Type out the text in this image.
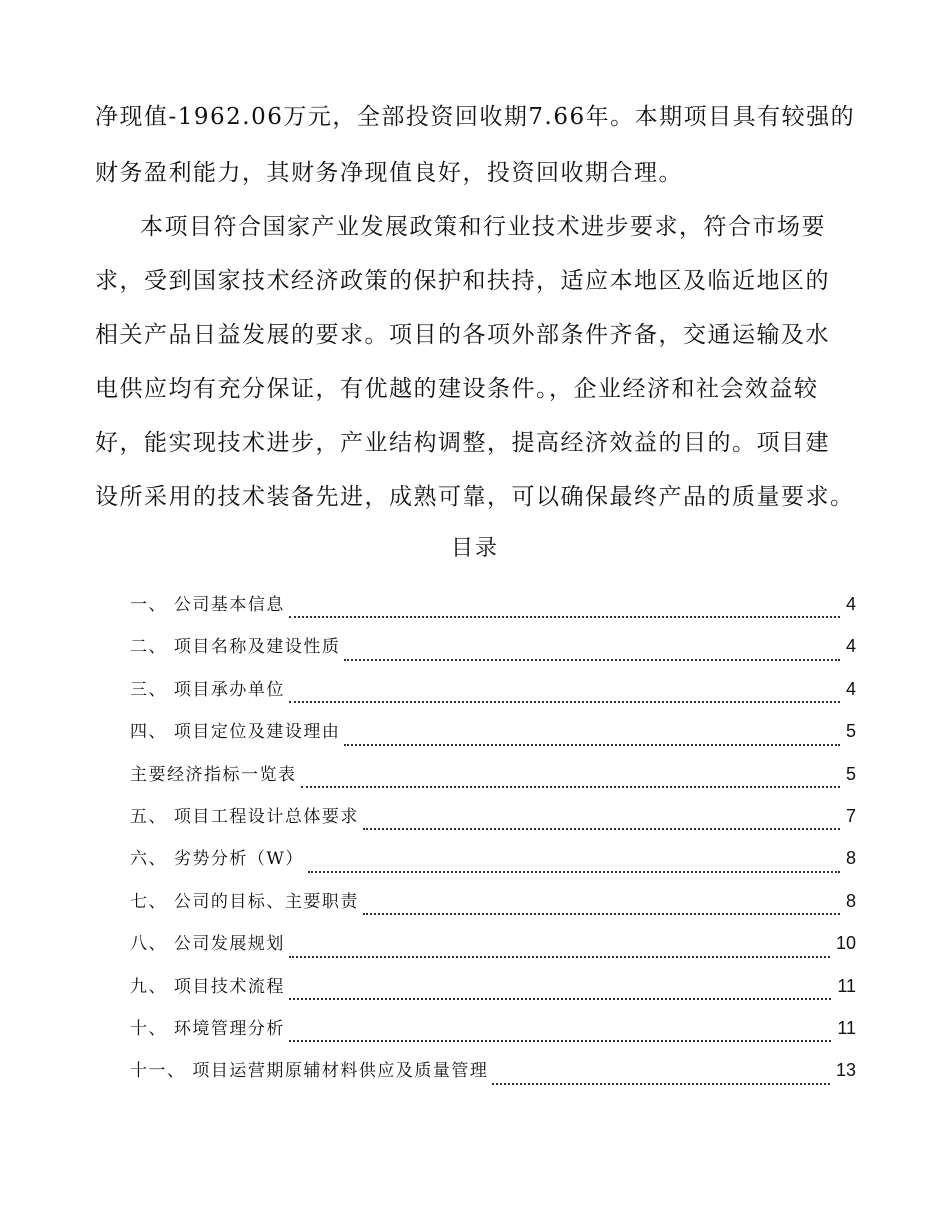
净现值-1962.06万元，全部投资回收期7.66年。本期项目具有较强的
财务盈利能力，其财务净现值良好，投资回收期合理。
本项目符合国家产业发展政策和行业技术进步要求，符合市场要
求，受到国家技术经济政策的保护和扶持，适应本地区及临近地区的
相关产品日益发展的要求。项目的各项外部条件齐备，交通运输及水
电供应均有充分保证，有优越的建设条件。，企业经济和社会效益较
好，能实现技术进步，产业结构调整，提高经济效益的目的。项目建
设所采用的技术装备先进，成熟可靠，可以确保最终产品的质量要求。
目录
一、 公司基本信息	4
二、 项目名称及建设性质	4
三、 项目承办单位	4
四、 项目定位及建设理由	5
主要经济指标一览表	5
五、 项目工程设计总体要求	7
六、 劣势分析（W）	8
七、 公司的目标、主要职责	8
八、 公司发展规划	10
九、 项目技术流程	11
十、 环境管理分析	11
十一、 项目运营期原辅材料供应及质量管理	13
